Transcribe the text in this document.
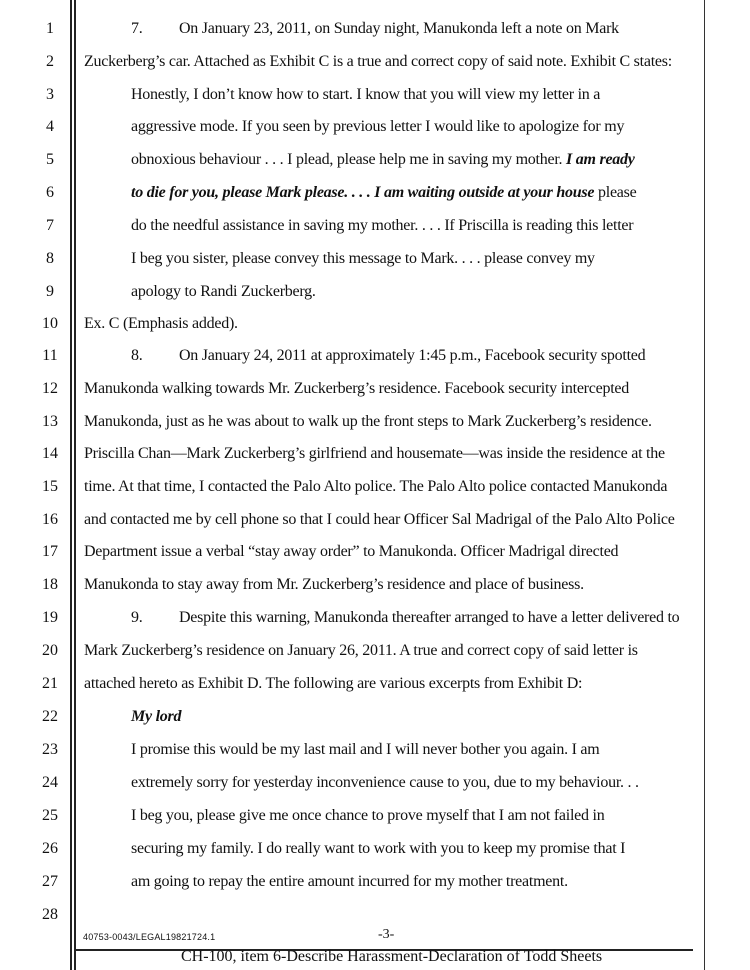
1
2
3
4
5
6
7
8
9
10
11
12
13
14
15
16
17
18
19
20
21
22
23
24
25
26
27
28
7. On January 23, 2011, on Sunday night, Manukonda left a note on Mark
Zuckerberg’s car. Attached as Exhibit C is a true and correct copy of said note. Exhibit C states:
Honestly, I don’t know how to start. I know that you will view my letter in a
aggressive mode. If you seen by previous letter I would like to apologize for my
obnoxious behaviour . . . I plead, please help me in saving my mother. I am ready
to die for you, please Mark please. . . . I am waiting outside at your house please
do the needful assistance in saving my mother. . . . If Priscilla is reading this letter
I beg you sister, please convey this message to Mark. . . . please convey my
apology to Randi Zuckerberg.
Ex. C (Emphasis added).
8. On January 24, 2011 at approximately 1:45 p.m., Facebook security spotted
Manukonda walking towards Mr. Zuckerberg’s residence. Facebook security intercepted
Manukonda, just as he was about to walk up the front steps to Mark Zuckerberg’s residence.
Priscilla Chan—Mark Zuckerberg’s girlfriend and housemate—was inside the residence at the
time. At that time, I contacted the Palo Alto police. The Palo Alto police contacted Manukonda
and contacted me by cell phone so that I could hear Officer Sal Madrigal of the Palo Alto Police
Department issue a verbal “stay away order” to Manukonda. Officer Madrigal directed
Manukonda to stay away from Mr. Zuckerberg’s residence and place of business.
9. Despite this warning, Manukonda thereafter arranged to have a letter delivered to
Mark Zuckerberg’s residence on January 26, 2011. A true and correct copy of said letter is
attached hereto as Exhibit D. The following are various excerpts from Exhibit D:
My lord
I promise this would be my last mail and I will never bother you again. I am
extremely sorry for yesterday inconvenience cause to you, due to my behaviour. . .
I beg you, please give me once chance to prove myself that I am not failed in
securing my family. I do really want to work with you to keep my promise that I
am going to repay the entire amount incurred for my mother treatment.
40753-0043/LEGAL19821724.1	-3-
CH-100, item 6-Describe Harassment-Declaration of Todd Sheets
